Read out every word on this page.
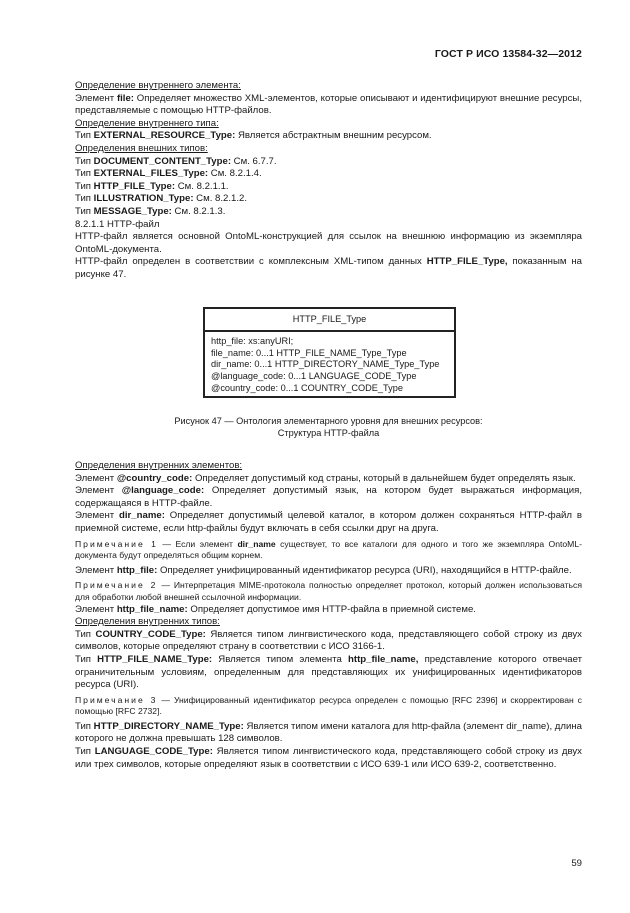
ГОСТ Р ИСО 13584-32—2012

Определение внутреннего элемента:

Элемент file: Определяет множество XML-элементов, которые описывают и идентифицируют внешние ресурсы, представляемые с помощью HTTP-файлов.

Определение внутреннего типа:

Тип EXTERNAL_RESOURCE_Type: Является абстрактным внешним ресурсом.

Определения внешних типов:

Тип DOCUMENT_CONTENT_Type: См. 6.7.7.

Тип EXTERNAL_FILES_Type: См. 8.2.1.4.

Тип HTTP_FILE_Type: См. 8.2.1.1.

Тип ILLUSTRATION_Type: См. 8.2.1.2.

Тип MESSAGE_Type: См. 8.2.1.3.

8.2.1.1 HTTP-файл

HTTP-файл является основной OntoML-конструкцией для ссылок на внешнюю информацию из экземпляра OntoML-документа.

HTTP-файл определен в соответствии с комплексным XML-типом данных HTTP_FILE_Type, показанным на рисунке 47.

HTTP_FILE_Type
http_file: xs:anyURI;
file_name: 0...1 HTTP_FILE_NAME_Type_Type
dir_name: 0...1 HTTP_DIRECTORY_NAME_Type_Type
@language_code: 0...1 LANGUAGE_CODE_Type
@country_code: 0...1 COUNTRY_CODE_Type
Рисунок 47 — Онтология элементарного уровня для внешних ресурсов:
Структура HTTP-файла

Определения внутренних элементов:

Элемент @country_code: Определяет допустимый код страны, который в дальнейшем будет определять язык.

Элемент @language_code: Определяет допустимый язык, на котором будет выражаться информация, содержащаяся в HTTP-файле.

Элемент dir_name: Определяет допустимый целевой каталог, в котором должен сохраняться HTTP-файл в приемной системе, если http-файлы будут включать в себя ссылки друг на друга.

Примечание 1 — Если элемент dir_name существует, то все каталоги для одного и того же экземпляра OntoML-документа будут определяться общим корнем.

Элемент http_file: Определяет унифицированный идентификатор ресурса (URI), находящийся в HTTP-файле.

Примечание 2 — Интерпретация MIME-протокола полностью определяет протокол, который должен использоваться для обработки любой внешней ссылочной информации.

Элемент http_file_name: Определяет допустимое имя HTTP-файла в приемной системе.

Определения внутренних типов:

Тип COUNTRY_CODE_Type: Является типом лингвистического кода, представляющего собой строку из двух символов, которые определяют страну в соответствии с ИСО 3166-1.

Тип HTTP_FILE_NAME_Type: Является типом элемента http_file_name, представление которого отвечает ограничительным условиям, определенным для представляющих их унифицированных идентификаторов ресурса (URI).

Примечание 3 — Унифицированный идентификатор ресурса определен с помощью [RFC 2396] и скорректирован с помощью [RFC 2732].

Тип HTTP_DIRECTORY_NAME_Type: Является типом имени каталога для http-файла (элемент dir_name), длина которого не должна превышать 128 символов.

Тип LANGUAGE_CODE_Type: Является типом лингвистического кода, представляющего собой строку из двух или трех символов, которые определяют язык в соответствии с ИСО 639-1 или ИСО 639-2, соответственно.

59
